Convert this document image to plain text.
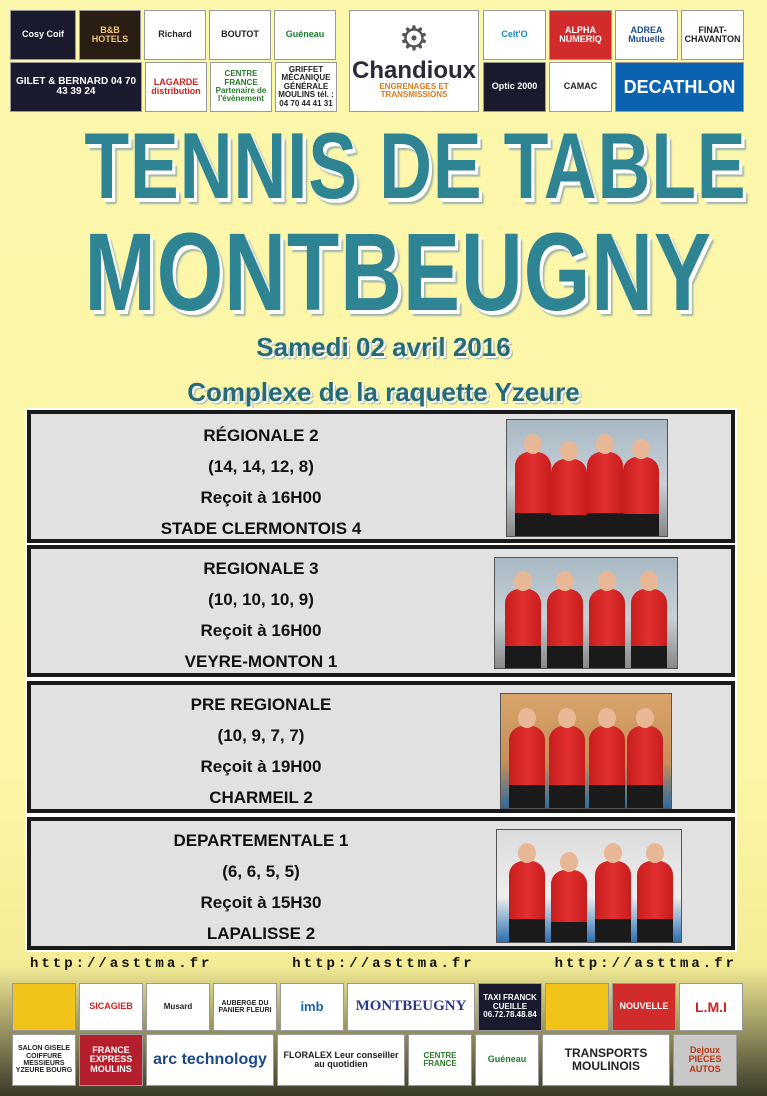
Cosy Coif	B&B HOTELS	Richard	BOUTOT	Guéneau	⚙
Chandioux
ENGRENAGES ET TRANSMISSIONS
Celt'O	ALPHA NUMERIQ
ADREA Mutuelle
FINAT-CHAVANTON
GILET & BERNARD 04 70 43 39 24
LAGARDE distribution
CENTRE FRANCE Partenaire de l'évènement
GRIFFET MÉCANIQUE GÉNÉRALE MOULINS tél. : 04 70 44 41 31
Optic 2000	CAMAC	DECATHLON
TENNIS DE TABLE
MONTBEUGNY
Samedi 02 avril 2016
Complexe de la raquette Yzeure
RÉGIONALE 2
(14, 14, 12, 8)
Reçoit à 16H00
STADE CLERMONTOIS 4
REGIONALE 3
(10, 10, 10, 9)
Reçoit à 16H00
VEYRE-MONTON 1
PRE REGIONALE
(10, 9, 7, 7)
Reçoit à 19H00
CHARMEIL 2
DEPARTEMENTALE 1
(6, 6, 5, 5)
Reçoit à 15H30
LAPALISSE 2
http://asttma.fr	http://asttma.fr	http://asttma.fr
SICAGIEB	Musard	AUBERGE DU PANIER FLEURI	imb	MONTBEUGNY
TAXI FRANCK CUEILLE 06.72.78.48.84
NOUVELLE	L.M.I
SALON GISELE COIFFURE MESSIEURS YZEURE BOURG
FRANCE EXPRESS MOULINS
arc technology	FLORALEX Leur conseiller au quotidien
CENTRE FRANCE	Guéneau	TRANSPORTS MOULINOIS
Dejoux PIECES AUTOS
